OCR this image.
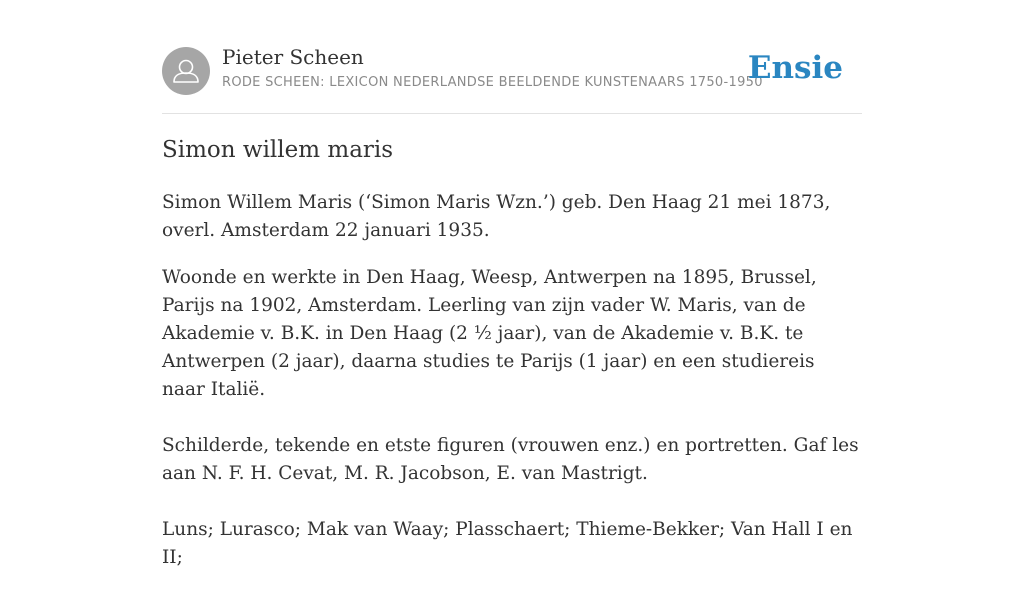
Pieter Scheen
RODE SCHEEN: LEXICON NEDERLANDSE BEELDENDE KUNSTENAARS 1750-1950
Ensie
Simon willem maris

Simon Willem Maris (‘Simon Maris Wzn.’) geb. Den Haag 21 mei 1873, overl. Amsterdam 22 januari 1935.

Woonde en werkte in Den Haag, Weesp, Antwerpen na 1895, Brussel, Parijs na 1902, Amsterdam. Leerling van zijn vader W. Maris, van de Akademie v. B.K. in Den Haag (2 ½ jaar), van de Akademie v. B.K. te Antwerpen (2 jaar), daarna studies te Parijs (1 jaar) en een studiereis naar Italië.

Schilderde, tekende en etste figuren (vrouwen enz.) en portretten. Gaf les aan N. F. H. Cevat, M. R. Jacobson, E. van Mastrigt.

Luns; Lurasco; Mak van Waay; Plasschaert; Thieme-Bekker; Van Hall I en II;
